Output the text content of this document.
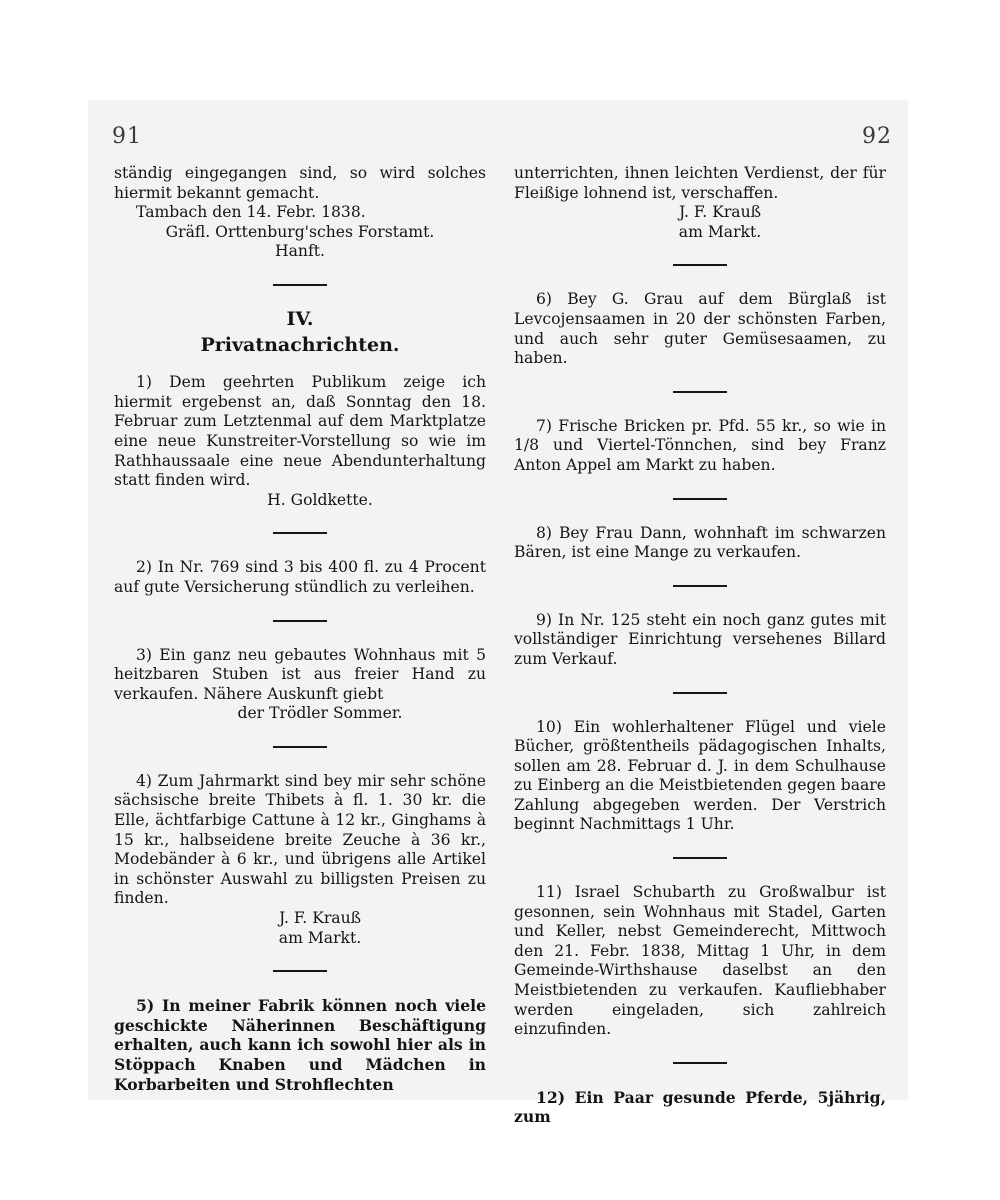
91	92

ständig eingegangen sind, so wird solches hiermit bekannt gemacht.

Tambach den 14. Febr. 1838.

Gräfl. Orttenburg'sches Forstamt.

Hanft.

IV.
Privatnachrichten.

1) Dem geehrten Publikum zeige ich hiermit ergebenst an, daß Sonntag den 18. Februar zum Letztenmal auf dem Marktplatze eine neue Kunstreiter-Vorstellung so wie im Rathhaussaale eine neue Abendunterhaltung statt finden wird.

H. Goldkette.

2) In Nr. 769 sind 3 bis 400 fl. zu 4 Procent auf gute Versicherung stündlich zu verleihen.

3) Ein ganz neu gebautes Wohnhaus mit 5 heitzbaren Stuben ist aus freier Hand zu verkaufen. Nähere Auskunft giebt

der Trödler Sommer.

4) Zum Jahrmarkt sind bey mir sehr schöne sächsische breite Thibets à fl. 1. 30 kr. die Elle, ächtfarbige Cattune à 12 kr., Ginghams à 15 kr., halbseidene breite Zeuche à 36 kr., Modebänder à 6 kr., und übrigens alle Artikel in schönster Auswahl zu billigsten Preisen zu finden.

J. F. Krauß

am Markt.

5) In meiner Fabrik können noch viele geschickte Näherinnen Beschäftigung erhalten, auch kann ich sowohl hier als in Stöppach Knaben und Mädchen in Korbarbeiten und Strohflechten

unterrichten, ihnen leichten Verdienst, der für Fleißige lohnend ist, verschaffen.

J. F. Krauß

am Markt.

6) Bey G. Grau auf dem Bürglaß ist Levcojensaamen in 20 der schönsten Farben, und auch sehr guter Gemüsesaamen, zu haben.

7) Frische Bricken pr. Pfd. 55 kr., so wie in 1/8 und Viertel-Tönnchen, sind bey Franz Anton Appel am Markt zu haben.

8) Bey Frau Dann, wohnhaft im schwarzen Bären, ist eine Mange zu verkaufen.

9) In Nr. 125 steht ein noch ganz gutes mit vollständiger Einrichtung versehenes Billard zum Verkauf.

10) Ein wohlerhaltener Flügel und viele Bücher, größtentheils pädagogischen Inhalts, sollen am 28. Februar d. J. in dem Schulhause zu Einberg an die Meistbietenden gegen baare Zahlung abgegeben werden. Der Verstrich beginnt Nachmittags 1 Uhr.

11) Israel Schubarth zu Großwalbur ist gesonnen, sein Wohnhaus mit Stadel, Garten und Keller, nebst Gemeinderecht, Mittwoch den 21. Febr. 1838, Mittag 1 Uhr, in dem Gemeinde-Wirthshause daselbst an den Meistbietenden zu verkaufen. Kaufliebhaber werden eingeladen, sich zahlreich einzufinden.

12) Ein Paar gesunde Pferde, 5jährig, zum
